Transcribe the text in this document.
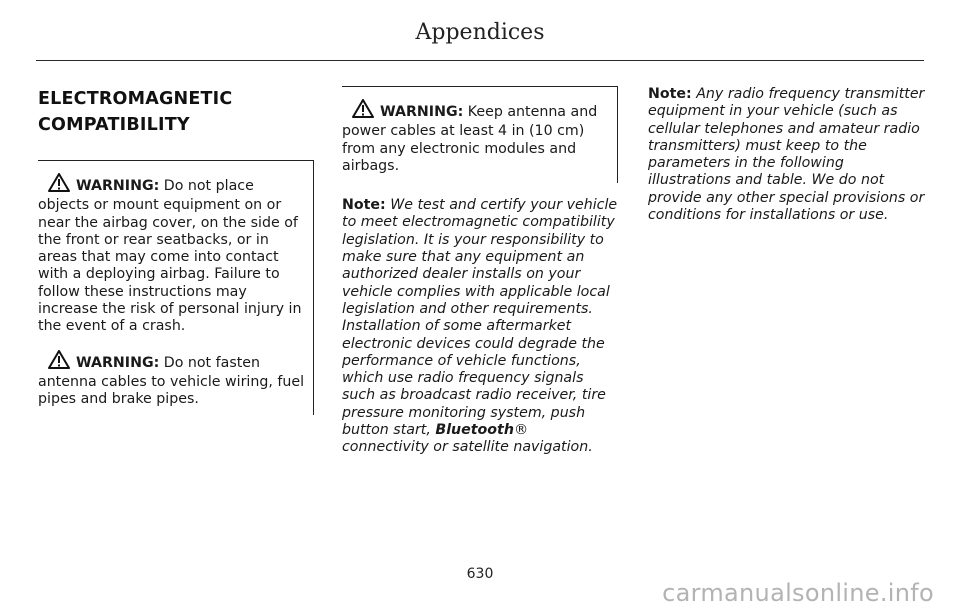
Appendices
ELECTROMAGNETIC
COMPATIBILITY

WARNING: Do not place objects or mount equipment on or near the airbag cover, on the side of the front or rear seatbacks, or in areas that may come into contact with a deploying airbag. Failure to follow these instructions may increase the risk of personal injury in the event of a crash.

WARNING: Do not fasten antenna cables to vehicle wiring, fuel pipes and brake pipes.

WARNING: Keep antenna and power cables at least 4 in (10 cm) from any electronic modules and airbags.

Note: We test and certify your vehicle to meet electromagnetic compatibility legislation. It is your responsibility to make sure that any equipment an authorized dealer installs on your vehicle complies with applicable local legislation and other requirements. Installation of some aftermarket electronic devices could degrade the performance of vehicle functions, which use radio frequency signals such as broadcast radio receiver, tire pressure monitoring system, push button start, Bluetooth® connectivity or satellite navigation.

Note: Any radio frequency transmitter equipment in your vehicle (such as cellular telephones and amateur radio transmitters) must keep to the parameters in the following illustrations and table. We do not provide any other special provisions or conditions for installations or use.

630
carmanualsonline.info
